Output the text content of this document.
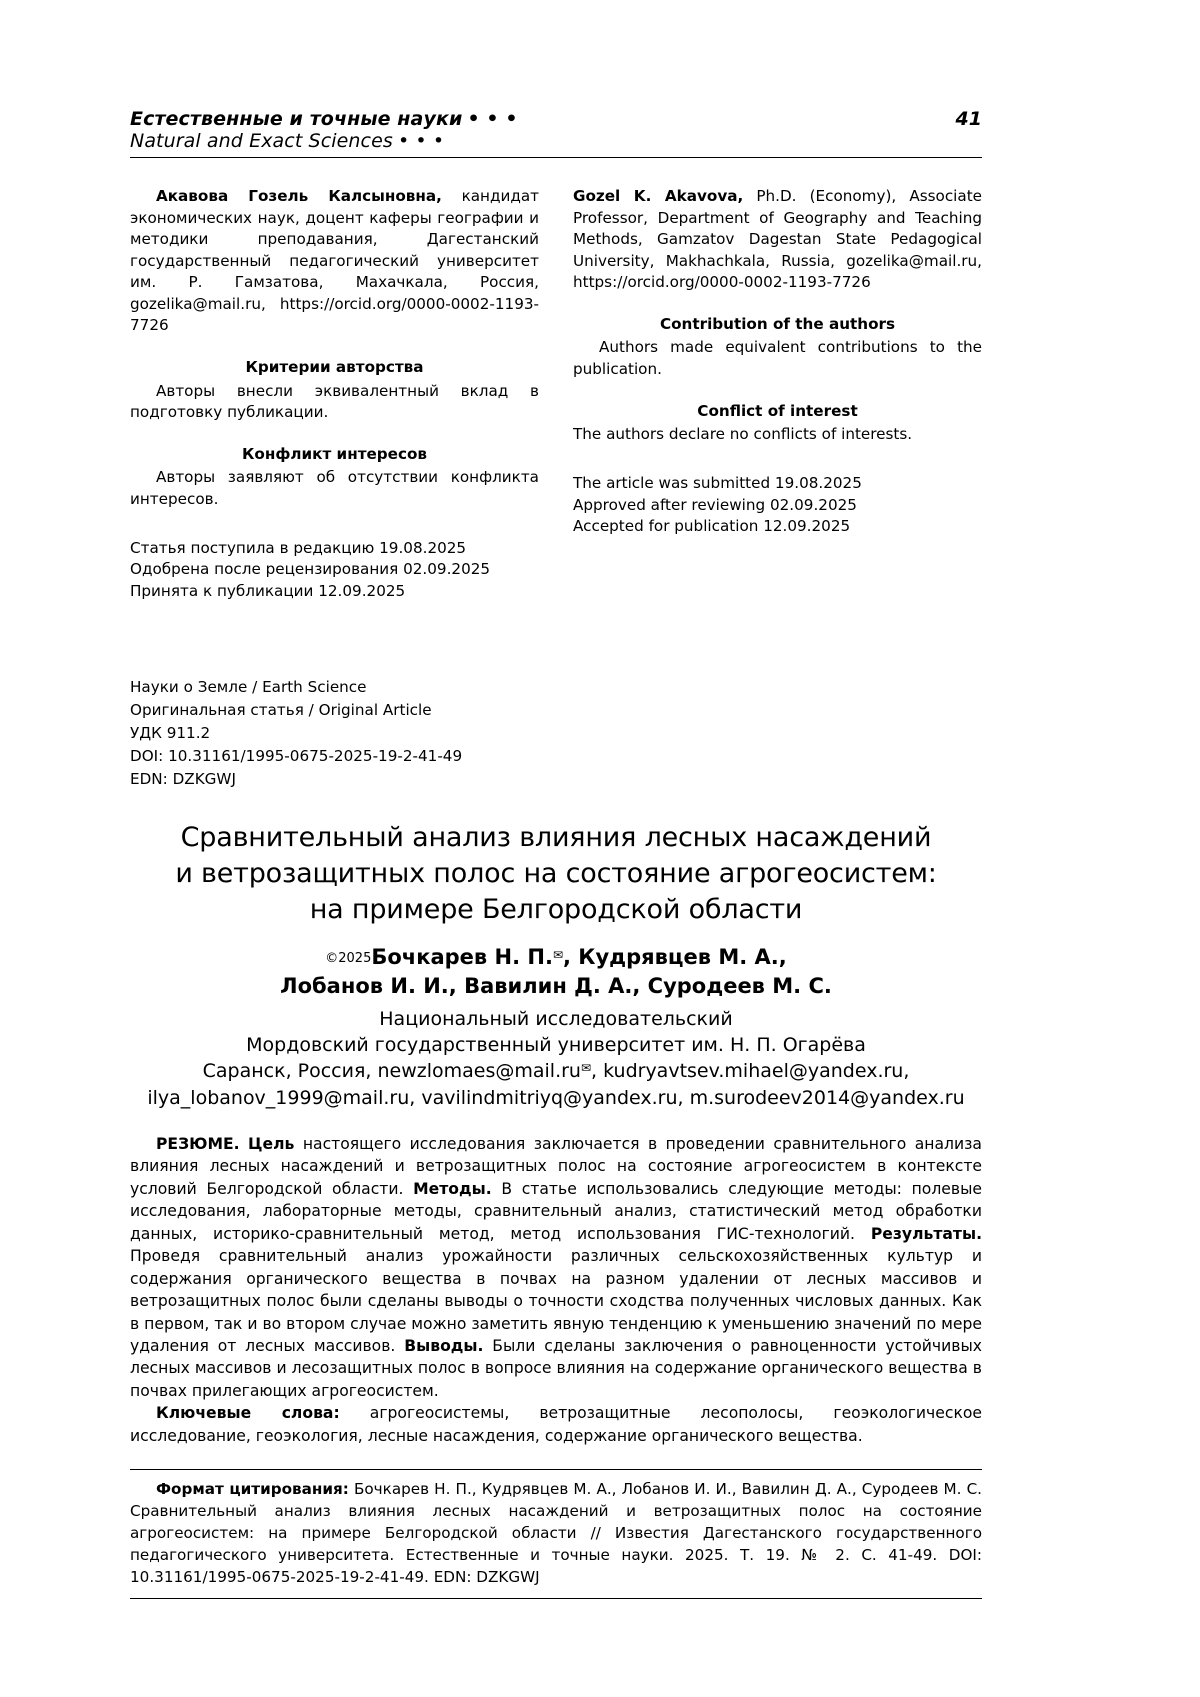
Естественные и точные науки • • •	41
Natural and Exact Sciences • • •

Акавова Гозель Калсыновна, кандидат экономических наук, доцент каферы географии и методики преподавания, Дагестанский государственный педагогический университет им. Р. Гамзатова, Махачкала, Россия, gozelika@mail.ru, https://orcid.org/0000-0002-1193-7726

Критерии авторства

Авторы внесли эквивалентный вклад в подготовку публикации.

Конфликт интересов

Авторы заявляют об отсутствии конфликта интересов.

Статья поступила в редакцию 19.08.2025

Одобрена после рецензирования 02.09.2025

Принята к публикации 12.09.2025

Gozel K. Akavova, Ph.D. (Economy), Associate Professor, Department of Geography and Teaching Methods, Gamzatov Dagestan State Pedagogical University, Makhachkala, Russia, gozelika@mail.ru, https://orcid.org/0000-0002-1193-7726

Contribution of the authors

Authors made equivalent contributions to the publication.

Conflict of interest

The authors declare no conflicts of interests.

The article was submitted 19.08.2025

Approved after reviewing 02.09.2025

Accepted for publication 12.09.2025

Науки о Земле / Earth Science
Оригинальная статья / Original Article
УДК 911.2
DOI: 10.31161/1995-0675-2025-19-2-41-49
EDN: DZKGWJ
Сравнительный анализ влияния лесных насаждений
и ветрозащитных полос на состояние агрогеосистем:
на примере Белгородской области
©2025Бочкарев Н. П.✉, Кудрявцев М. А.,
Лобанов И. И., Вавилин Д. А., Суродеев М. С.
Национальный исследовательский
Мордовский государственный университет им. Н. П. Огарёва
Саранск, Россия, newzlomaes@mail.ru✉, kudryavtsev.mihael@yandex.ru,
ilya_lobanov_1999@mail.ru, vavilindmitriyq@yandex.ru, m.surodeev2014@yandex.ru

РЕЗЮМЕ. Цель настоящего исследования заключается в проведении сравнительного анализа влияния лесных насаждений и ветрозащитных полос на состояние агрогеосистем в контексте условий Белгородской области. Методы. В статье использовались следующие методы: полевые исследования, лабораторные методы, сравнительный анализ, статистический метод обработки данных, историко-сравнительный метод, метод использования ГИС-технологий. Результаты. Проведя сравнительный анализ урожайности различных сельскохозяйственных культур и содержания органического вещества в почвах на разном удалении от лесных массивов и ветрозащитных полос были сделаны выводы о точности сходства полученных числовых данных. Как в первом, так и во втором случае можно заметить явную тенденцию к уменьшению значений по мере удаления от лесных массивов. Выводы. Были сделаны заключения о равноценности устойчивых лесных массивов и лесозащитных полос в вопросе влияния на содержание органического вещества в почвах прилегающих агрогеосистем.

Ключевые слова: агрогеосистемы, ветрозащитные лесополосы, геоэкологическое исследование, геоэкология, лесные насаждения, содержание органического вещества.

Формат цитирования: Бочкарев Н. П., Кудрявцев М. А., Лобанов И. И., Вавилин Д. А., Суродеев М. С. Сравнительный анализ влияния лесных насаждений и ветрозащитных полос на состояние агрогеосистем: на примере Белгородской области // Известия Дагестанского государственного педагогического университета. Естественные и точные науки. 2025. Т. 19. № 2. С. 41-49. DOI: 10.31161/1995-0675-2025-19-2-41-49. EDN: DZKGWJ
